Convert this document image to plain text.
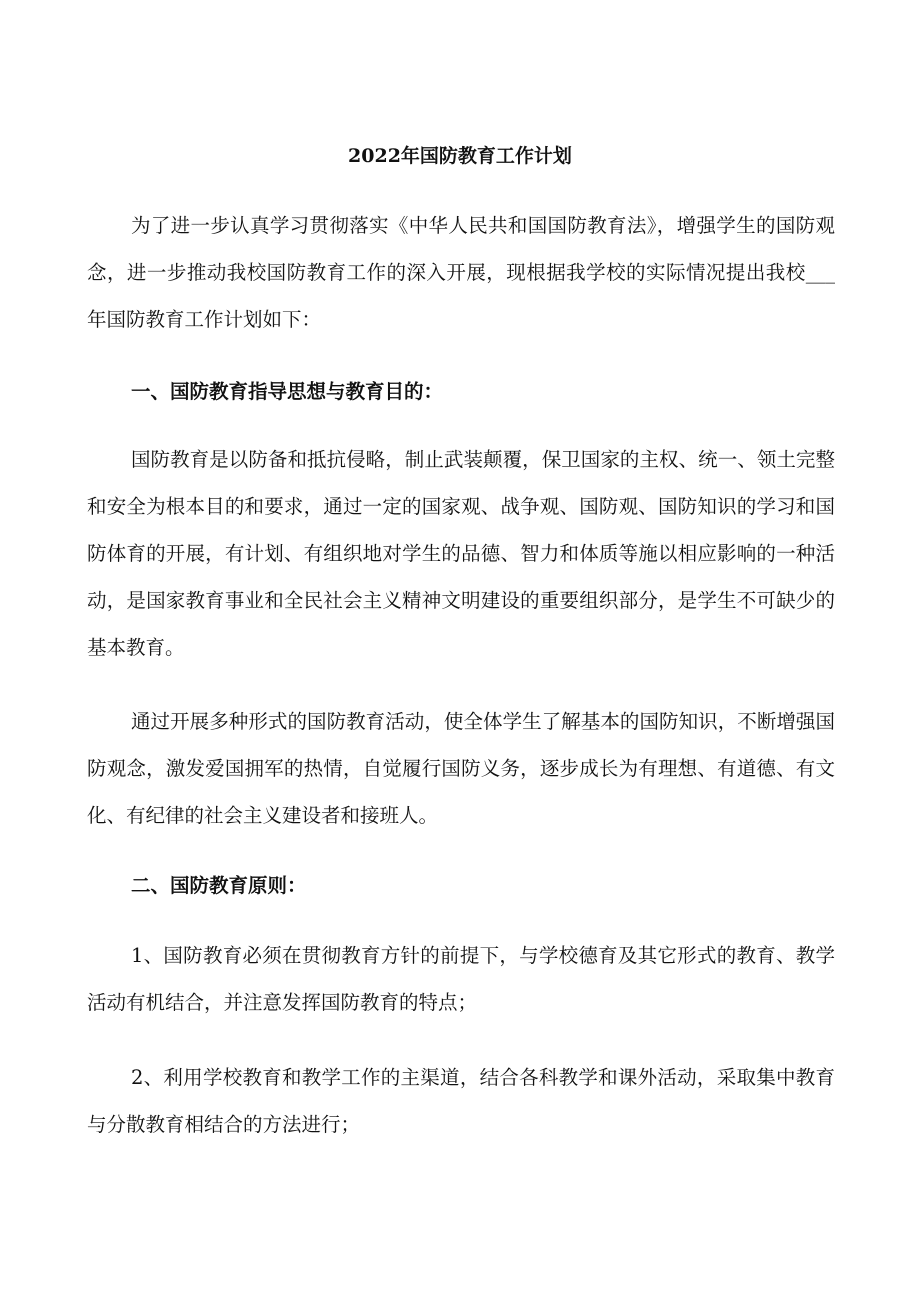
2022年国防教育工作计划

为了进一步认真学习贯彻落实《中华人民共和国国防教育法》，增强学生的国防观念，进一步推动我校国防教育工作的深入开展，现根据我学校的实际情况提出我校___年国防教育工作计划如下：

一、国防教育指导思想与教育目的：

国防教育是以防备和抵抗侵略，制止武装颠覆，保卫国家的主权、统一、领土完整和安全为根本目的和要求，通过一定的国家观、战争观、国防观、国防知识的学习和国防体育的开展，有计划、有组织地对学生的品德、智力和体质等施以相应影响的一种活动，是国家教育事业和全民社会主义精神文明建设的重要组织部分，是学生不可缺少的基本教育。

通过开展多种形式的国防教育活动，使全体学生了解基本的国防知识，不断增强国防观念，激发爱国拥军的热情，自觉履行国防义务，逐步成长为有理想、有道德、有文化、有纪律的社会主义建设者和接班人。

二、国防教育原则：

1、国防教育必须在贯彻教育方针的前提下，与学校德育及其它形式的教育、教学活动有机结合，并注意发挥国防教育的特点；

2、利用学校教育和教学工作的主渠道，结合各科教学和课外活动，采取集中教育与分散教育相结合的方法进行；
